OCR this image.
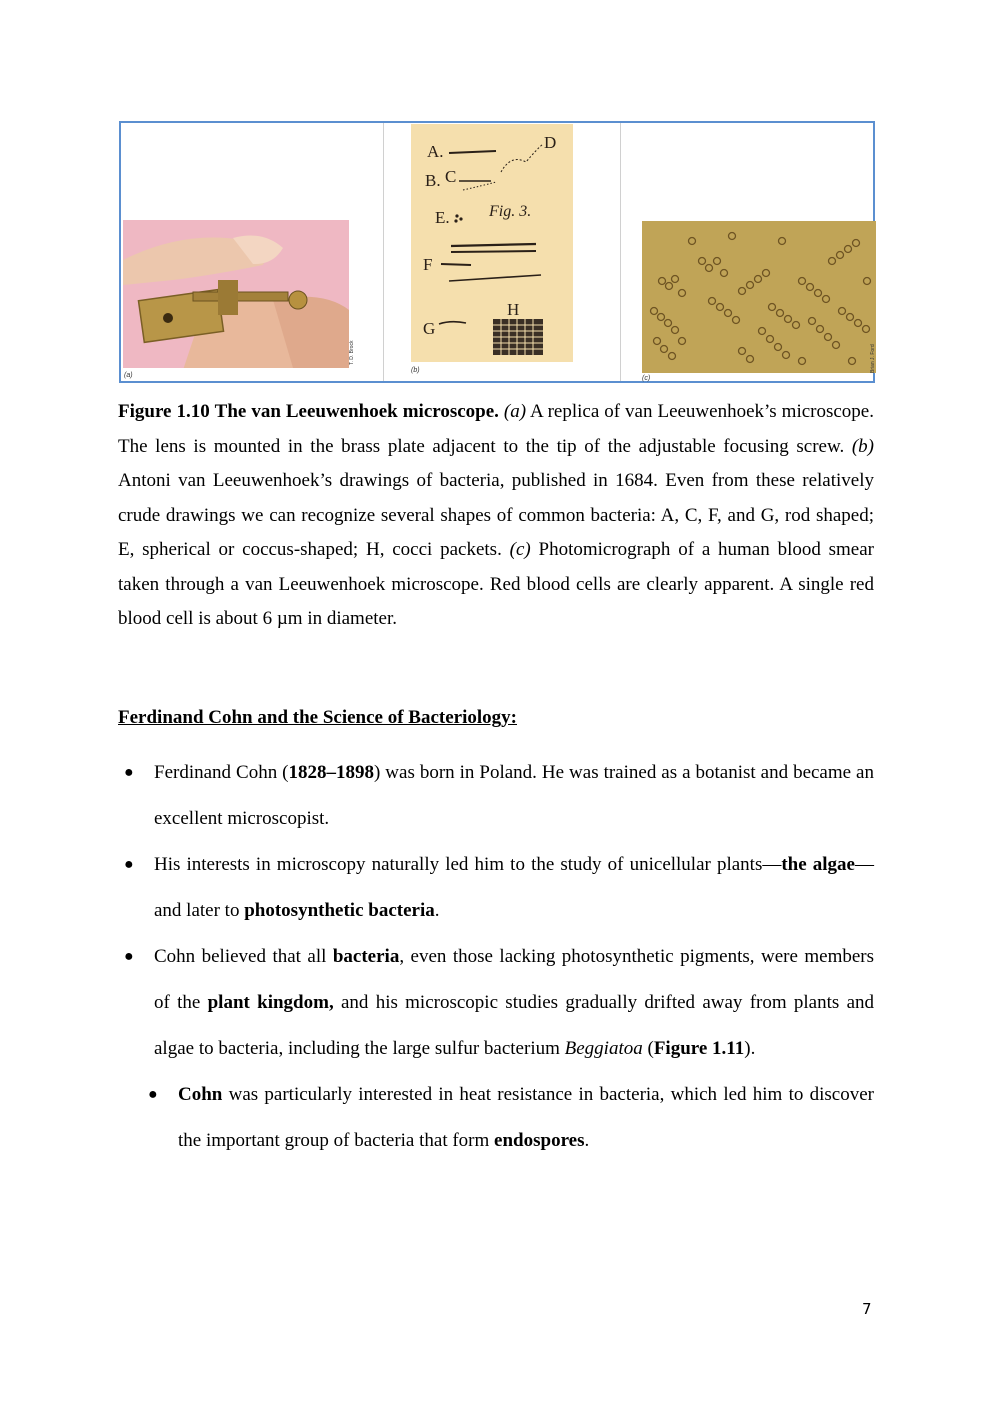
(a)
T. D. Brock
A.
B. C
D
E.
F
G
H
Fig. 3.
(b)
(c)
Brian J. Ford
Figure 1.10 The van Leeuwenhoek microscope. (a) A replica of van Leeuwenhoek’s microscope. The lens is mounted in the brass plate adjacent to the tip of the adjustable focusing screw. (b) Antoni van Leeuwenhoek’s drawings of bacteria, published in 1684. Even from these relatively crude drawings we can recognize several shapes of common bacteria: A, C, F, and G, rod shaped; E, spherical or coccus-shaped; H, cocci packets. (c) Photomicrograph of a human blood smear taken through a van Leeuwenhoek microscope. Red blood cells are clearly apparent. A single red blood cell is about 6 µm in diameter.
Ferdinand Cohn and the Science of Bacteriology:
● Ferdinand Cohn (1828–1898) was born in Poland. He was trained as a botanist and became an excellent microscopist.
● His interests in microscopy naturally led him to the study of unicellular plants—the algae—and later to photosynthetic bacteria.
● Cohn believed that all bacteria, even those lacking photosynthetic pigments, were members of the plant kingdom, and his microscopic studies gradually drifted away from plants and algae to bacteria, including the large sulfur bacterium Beggiatoa (Figure 1.11).
● Cohn was particularly interested in heat resistance in bacteria, which led him to discover the important group of bacteria that form endospores.
7
